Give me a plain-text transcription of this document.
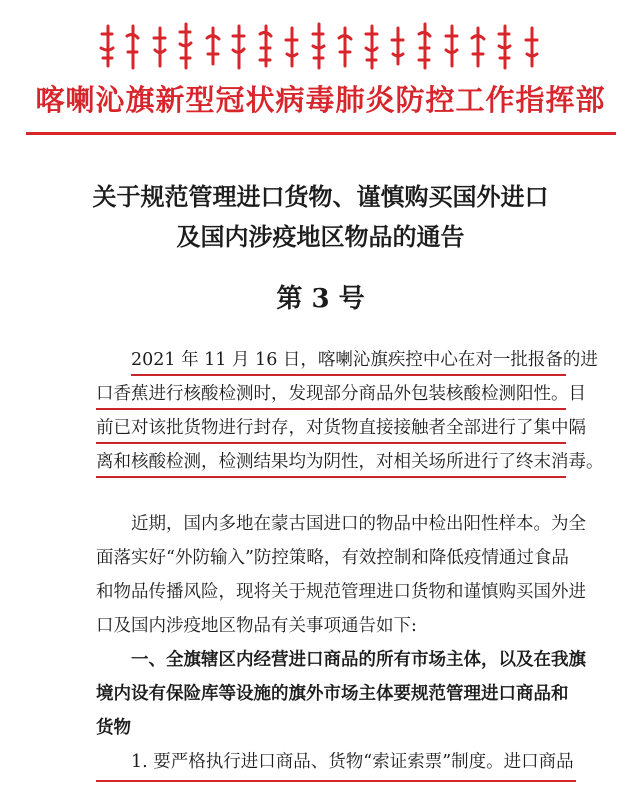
喀喇沁旗新型冠状病毒肺炎防控工作指挥部
关于规范管理进口货物、谨慎购买国外进口
及国内涉疫地区物品的通告
第 3 号
2021 年 11 月 16 日，喀喇沁旗疾控中心在对一批报备的进
口香蕉进行核酸检测时，发现部分商品外包装核酸检测阳性。目
前已对该批货物进行封存，对货物直接接触者全部进行了集中隔
离和核酸检测，检测结果均为阴性，对相关场所进行了终末消毒。
近期，国内多地在蒙古国进口的物品中检出阳性样本。为全
面落实好“外防输入”防控策略，有效控制和降低疫情通过食品
和物品传播风险，现将关于规范管理进口货物和谨慎购买国外进
口及国内涉疫地区物品有关事项通告如下:
一、全旗辖区内经营进口商品的所有市场主体，以及在我旗
境内设有保险库等设施的旗外市场主体要规范管理进口商品和
货物
1. 要严格执行进口商品、货物“索证索票”制度。进口商品
